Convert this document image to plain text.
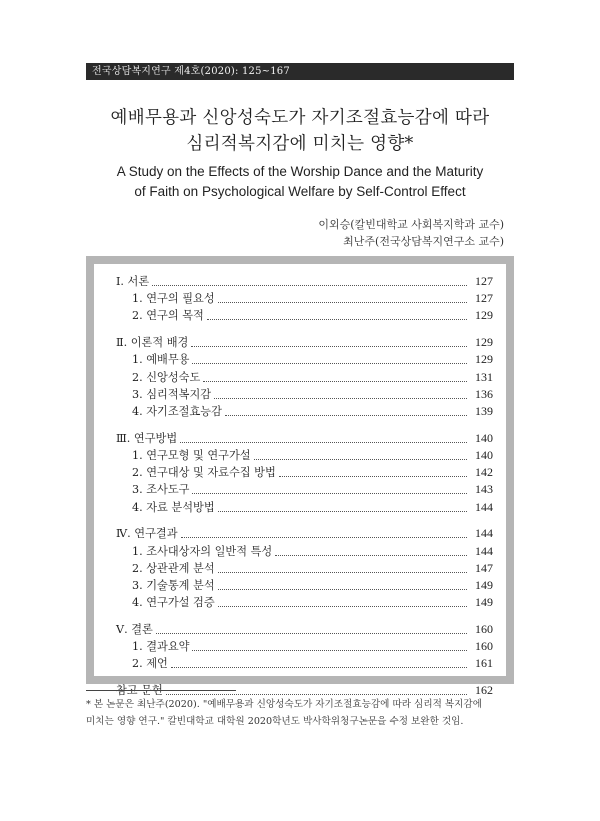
전국상담복지연구 제4호(2020): 125~167
예배무용과 신앙성숙도가 자기조절효능감에 따라
심리적복지감에 미치는 영향*
A Study on the Effects of the Worship Dance and the Maturity
of Faith on Psychological Welfare by Self-Control Effect
이외승(칼빈대학교 사회복지학과 교수)
최난주(전국상담복지연구소 교수)
Ⅰ. 서론	127
1. 연구의 필요성	127
2. 연구의 목적	129
Ⅱ. 이론적 배경	129
1. 예배무용	129
2. 신앙성숙도	131
3. 심리적복지감	136
4. 자기조절효능감	139
Ⅲ. 연구방법	140
1. 연구모형 및 연구가설	140
2. 연구대상 및 자료수집 방법	142
3. 조사도구	143
4. 자료 분석방법	144
Ⅳ. 연구결과	144
1. 조사대상자의 일반적 특성	144
2. 상관관계 분석	147
3. 기술통계 분석	149
4. 연구가설 검증	149
Ⅴ. 결론	160
1. 결과요약	160
2. 제언	161
참고 문헌	162
* 본 논문은 최난주(2020). "예배무용과 신앙성숙도가 자기조절효능감에 따라 심리적 복지감에
미치는 영향 연구." 칼빈대학교 대학원 2020학년도 박사학위청구논문을 수정 보완한 것임.
